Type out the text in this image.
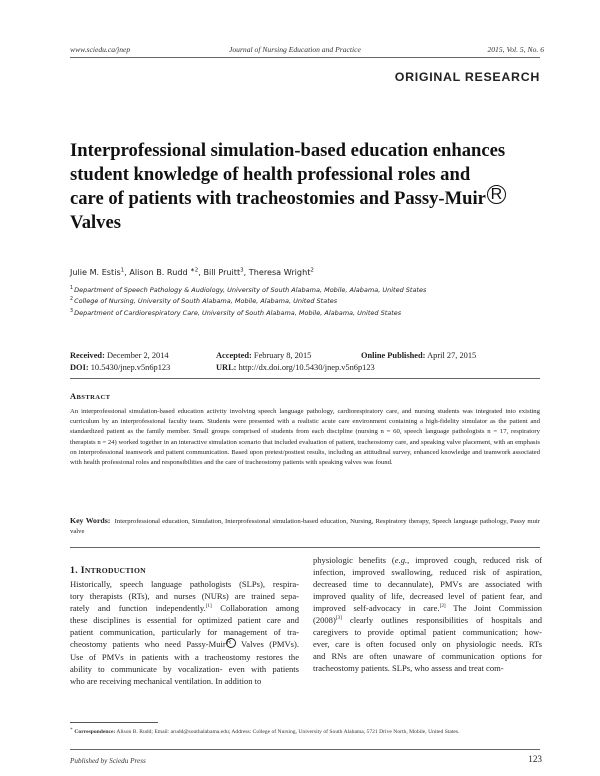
www.sciedu.ca/jnep	Journal of Nursing Education and Practice	2015, Vol. 5, No. 6
ORIGINAL RESEARCH
Interprofessional simulation-based education enhances
student knowledge of health professional roles and
care of patients with tracheostomies and Passy-Muir R
Valves
Julie M. Estis$^1$, Alison B. Rudd $^{∗2}$, Bill Pruitt$^3$, Theresa Wright$^2$
$^1$Department of Speech Pathology & Audiology, University of South Alabama, Mobile, Alabama, United States
$^2$College of Nursing, University of South Alabama, Mobile, Alabama, United States
$^3$Department of Cardiorespiratory Care, University of South Alabama, Mobile, Alabama, United States
Received: December 2, 2014	Accepted: February 8, 2015	Online Published: April 27, 2015
DOI: 10.5430/jnep.v5n6p123	URL: http://dx.doi.org/10.5430/jnep.v5n6p123
ABSTRACT
An interprofessional simulation-based education activity involving speech language pathology, cardiorespiratory care, and nursing students was integrated into existing curriculum by an interprofessional faculty team. Students were presented with a realistic acute care environment containing a high-fidelity simulator as the patient and standardized patient as the family member. Small groups comprised of students from each discipline (nursing n = 60, speech language pathologists n = 17, respiratory therapists n = 24) worked together in an interactive simulation scenario that included evaluation of patient, tracheostomy care, and speaking valve placement, with an emphasis on interprofessional teamwork and patient communication. Based upon pretest/posttest results, including an attitudinal survey, enhanced knowledge and teamwork associated with health professional roles and responsibilities and the care of tracheostomy patients with speaking valves was found.
Key Words: Interprofessional education, Simulation, Interprofessional simulation-based education, Nursing, Respiratory therapy, Speech language pathology, Passy muir valve
1. INTRODUCTION
Historically, speech language pathologists (SLPs), respira-
tory therapists (RTs), and nurses (NURs) are trained sepa-
rately and function independently.[1] Collaboration among
these disciplines is essential for optimized patient care and
patient communication, particularly for management of tra-
cheostomy patients who need Passy-MuirR Valves (PMVs).
Use of PMVs in patients with a tracheostomy restores the
ability to communicate by vocalization- even with patients
who are receiving mechanical ventilation. In addition to
physiologic benefits (e.g., improved cough, reduced risk of
infection, improved swallowing, reduced risk of aspiration,
decreased time to decannulate), PMVs are associated with
improved quality of life, decreased level of patient fear, and
improved self-advocacy in care.[2] The Joint Commission
(2008)[3] clearly outlines responsibilities of hospitals and
caregivers to provide optimal patient communication; how-
ever, care is often focused only on physiologic needs. RTs
and RNs are often unaware of communication options for
tracheostomy patients. SLPs, who assess and treat com-
∗ Correspondence: Alison B. Rudd; Email: arudd@southalabama.edu; Address: College of Nursing, University of South Alabama, 5721 Drive North, Mobile, United States.
Published by Sciedu Press	123
